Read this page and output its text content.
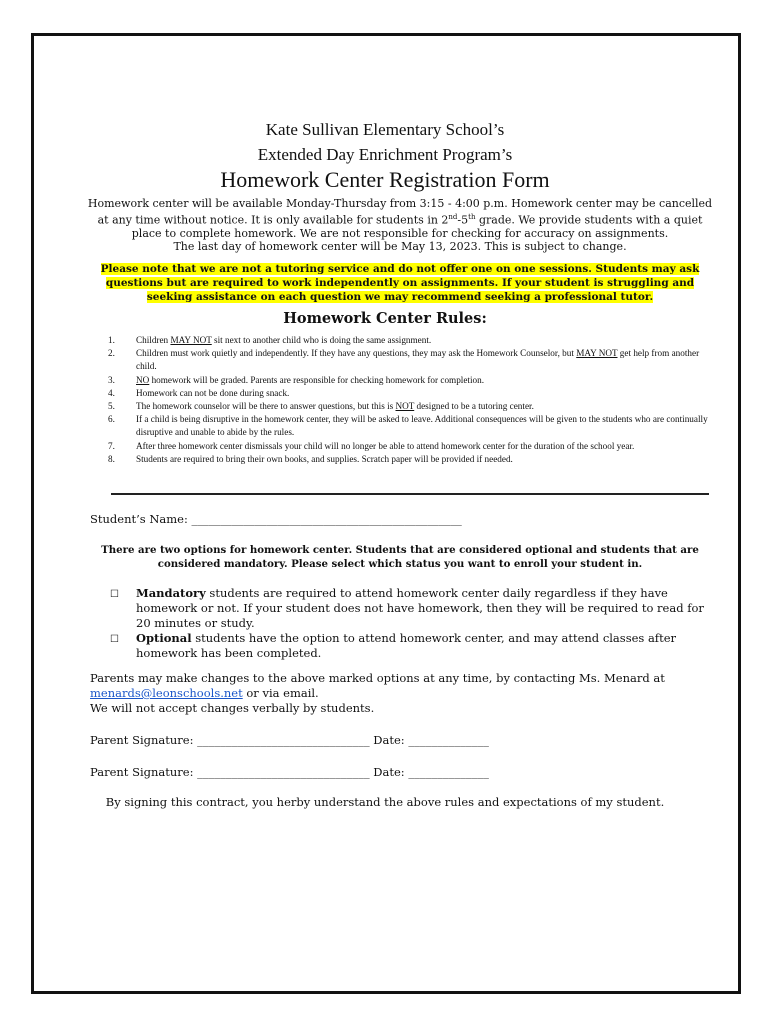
Kate Sullivan Elementary School’s
Extended Day Enrichment Program’s
Homework Center Registration Form
Homework center will be available Monday-Thursday from 3:15 - 4:00 p.m. Homework center may be cancelled at any time without notice. It is only available for students in 2nd-5th grade. We provide students with a quiet place to complete homework. We are not responsible for checking for accuracy on assignments.
The last day of homework center will be May 13, 2023. This is subject to change.
Please note that we are not a tutoring service and do not offer one on one sessions. Students may ask questions but are required to work independently on assignments. If your student is struggling and seeking assistance on each question we may recommend seeking a professional tutor.
Homework Center Rules:
1.	Children MAY NOT sit next to another child who is doing the same assignment.
2.	Children must work quietly and independently. If they have any questions, they may ask the Homework Counselor, but MAY NOT get help from another child.
3.	NO homework will be graded. Parents are responsible for checking homework for completion.
4.	Homework can not be done during snack.
5.	The homework counselor will be there to answer questions, but this is NOT designed to be a tutoring center.
6.	If a child is being disruptive in the homework center, they will be asked to leave. Additional consequences will be given to the students who are continually disruptive and unable to abide by the rules.
7.	After three homework center dismissals your child will no longer be able to attend homework center for the duration of the school year.
8.	Students are required to bring their own books, and supplies. Scratch paper will be provided if needed.
Student’s Name: _______________________________________________
There are two options for homework center. Students that are considered optional and students that are considered mandatory. Please select which status you want to enroll your student in.
☐	Mandatory students are required to attend homework center daily regardless if they have homework or not. If your student does not have homework, then they will be required to read for 20 minutes or study.
☐	Optional students have the option to attend homework center, and may attend classes after homework has been completed.
Parents may make changes to the above marked options at any time, by contacting Ms. Menard at
menards@leonschools.net or via email.
We will not accept changes verbally by students.
Parent Signature: ______________________________ Date: ______________
Parent Signature: ______________________________ Date: ______________
By signing this contract, you herby understand the above rules and expectations of my student.
